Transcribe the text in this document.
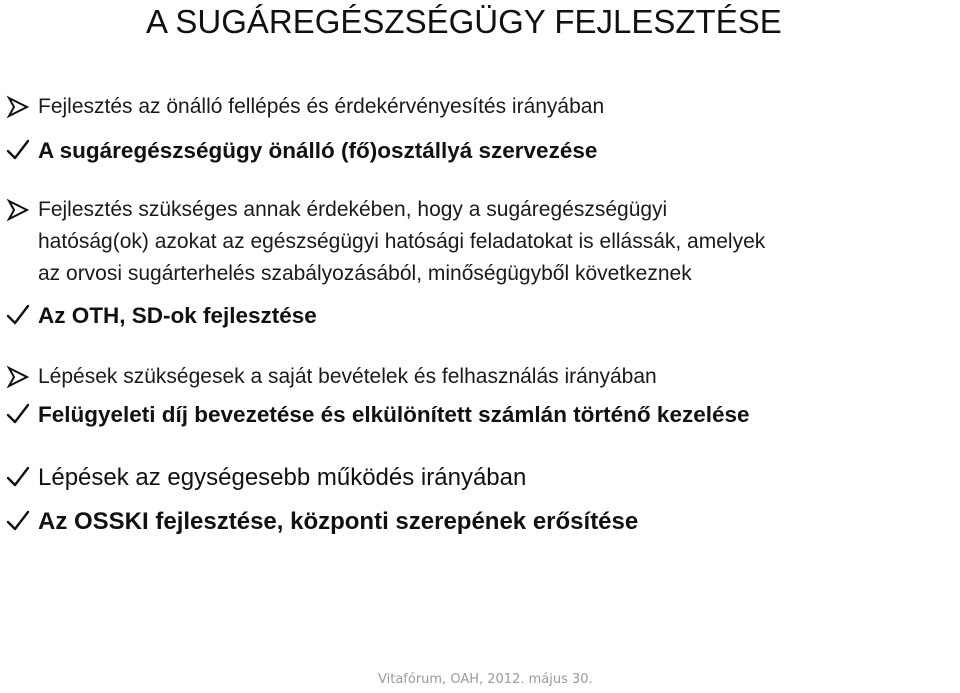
A SUGÁREGÉSZSÉGÜGY FEJLESZTÉSE

Fejlesztés az önálló fellépés és érdekérvényesítés irányában

A sugáregészségügy önálló (fő)osztállyá szervezése

Fejlesztés szükséges annak érdekében, hogy a sugáregészségügyi

hatóság(ok) azokat az egészségügyi hatósági feladatokat is ellássák, amelyek

az orvosi sugárterhelés szabályozásából, minőségügyből következnek

Az OTH, SD-ok fejlesztése

Lépések szükségesek a saját bevételek és felhasználás irányában

Felügyeleti díj bevezetése és elkülönített számlán történő kezelése

Lépések az egységesebb működés irányában

Az OSSKI fejlesztése, központi szerepének erősítése

Vitafórum, OAH, 2012. május 30.
